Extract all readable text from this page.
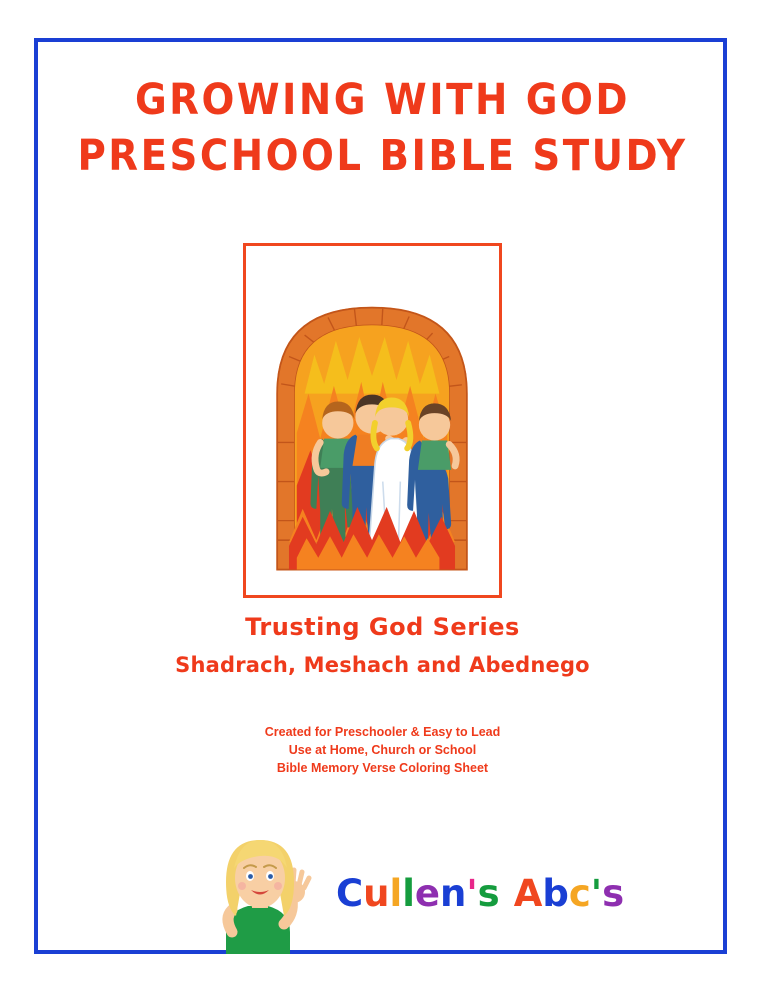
GROWING WITH GOD
PRESCHOOL BIBLE STUDY
Trusting God Series
Shadrach, Meshach and Abednego
Created for Preschooler & Easy to Lead
Use at Home, Church or School
Bible Memory Verse Coloring Sheet
Cullen's Abc's
